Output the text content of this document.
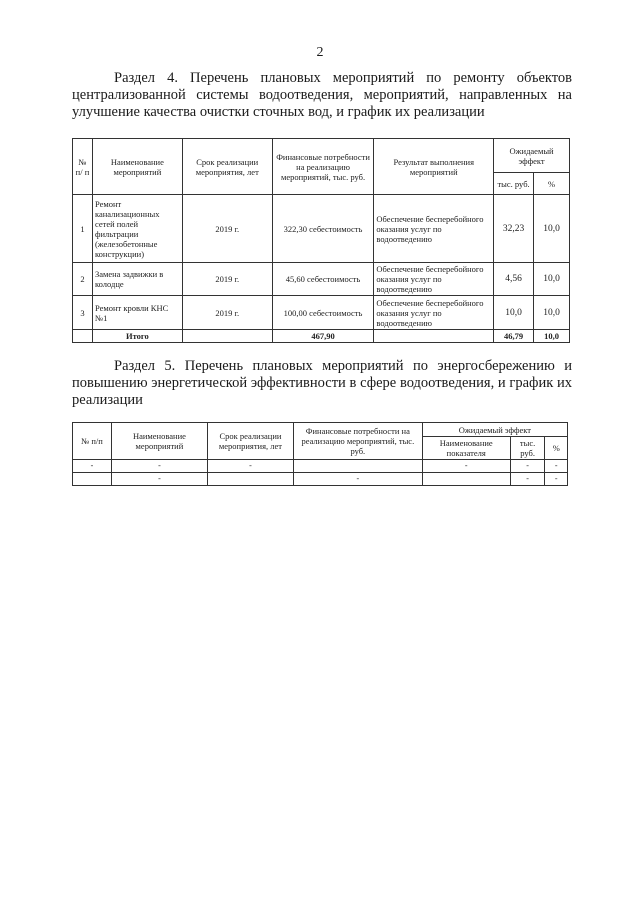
2

Раздел 4. Перечень плановых мероприятий по ремонту объектов централизованной системы водоотведения, мероприятий, направленных на улучшение качества очистки сточных вод, и график их реализации

№ п/ п	Наименование мероприятий	Срок реализации мероприятия, лет	Финансовые потребности на реализацию мероприятий, тыс. руб.	Результат выполнения мероприятий	Ожидаемый эффект	
					тыс. руб.	%
1	Ремонт канализационных сетей полей фильтрации (железобетонные конструкции)	2019 г.	322,30 себестоимость	Обеспечение бесперебойного оказания услуг по водоотведению	32,23	10,0
2	Замена задвижки в колодце	2019 г.	45,60 себестоимость	Обеспечение бесперебойного оказания услуг по водоотведению	4,56	10,0
3	Ремонт кровли КНС №1	2019 г.	100,00 себестоимость	Обеспечение бесперебойного оказания услуг по водоотведению	10,0	10,0
	Итого		467,90		46,79	10,0

Раздел 5. Перечень плановых мероприятий по энергосбережению и повышению энергетической эффективности в сфере водоотведения, и график их реализации

№ п/п	Наименование мероприятий	Срок реализации мероприятия, лет	Финансовые потребности на реализацию мероприятий, тыс. руб.	Ожидаемый эффект		
				Наименование показателя	тыс. руб.	%
-	-	-		-	-	-
	-		-		-	-
